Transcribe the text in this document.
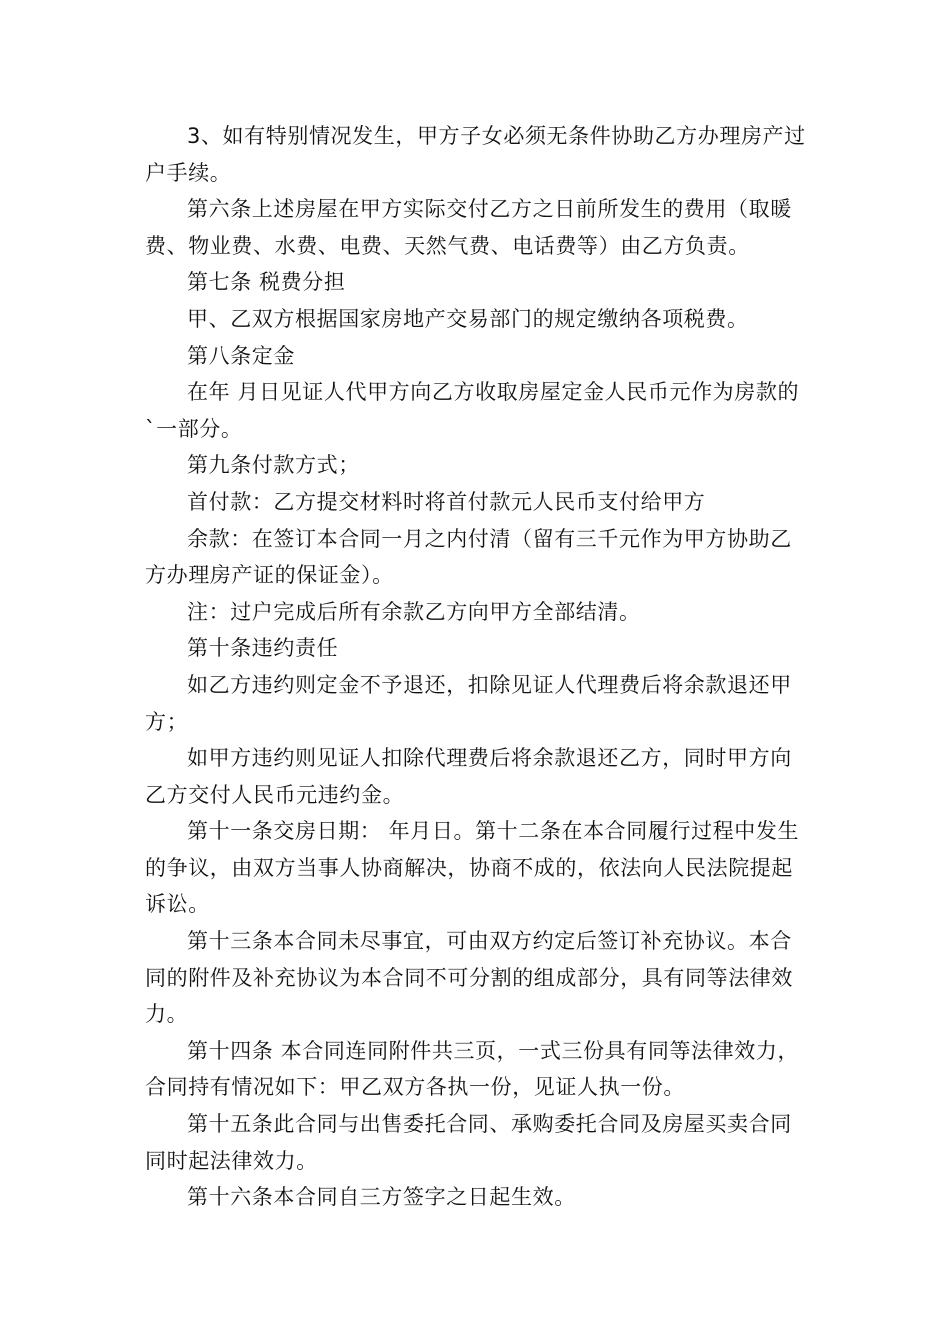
3、如有特别情况发生，甲方子女必须无条件协助乙方办理房产过户手续。

第六条上述房屋在甲方实际交付乙方之日前所发生的费用（取暖费、物业费、水费、电费、天然气费、电话费等）由乙方负责。

第七条 税费分担

甲、乙双方根据国家房地产交易部门的规定缴纳各项税费。

第八条定金

在年 月日见证人代甲方向乙方收取房屋定金人民币元作为房款的`一部分。

第九条付款方式；

首付款：乙方提交材料时将首付款元人民币支付给甲方

余款：在签订本合同一月之内付清（留有三千元作为甲方协助乙方办理房产证的保证金）。

注：过户完成后所有余款乙方向甲方全部结清。

第十条违约责任

如乙方违约则定金不予退还，扣除见证人代理费后将余款退还甲方；

如甲方违约则见证人扣除代理费后将余款退还乙方，同时甲方向乙方交付人民币元违约金。

第十一条交房日期： 年月日。第十二条在本合同履行过程中发生的争议，由双方当事人协商解决，协商不成的，依法向人民法院提起诉讼。

第十三条本合同未尽事宜，可由双方约定后签订补充协议。本合同的附件及补充协议为本合同不可分割的组成部分，具有同等法律效力。

第十四条 本合同连同附件共三页，一式三份具有同等法律效力，合同持有情况如下：甲乙双方各执一份，见证人执一份。

第十五条此合同与出售委托合同、承购委托合同及房屋买卖合同同时起法律效力。

第十六条本合同自三方签字之日起生效。
